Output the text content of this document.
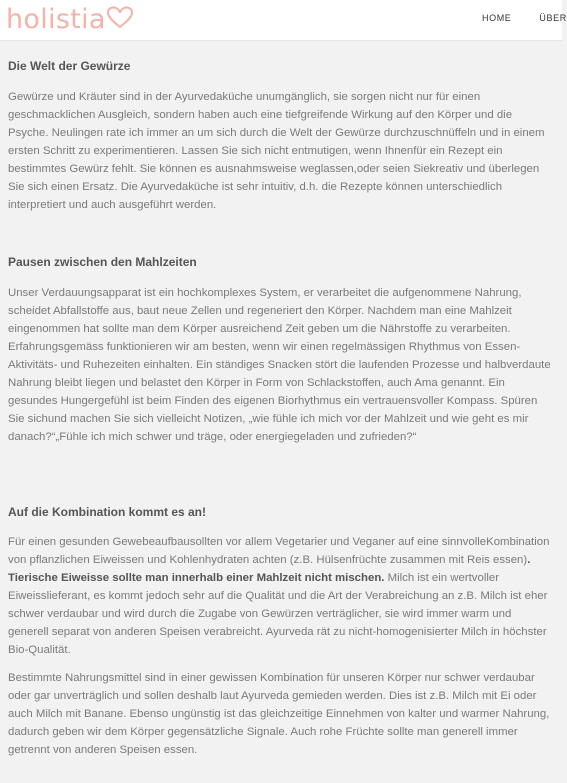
holistia	HOME	ÜBER
Die Welt der Gewürze

Gewürze und Kräuter sind in der Ayurvedaküche unumgänglich, sie sorgen nicht nur für einen geschmacklichen Ausgleich, sondern haben auch eine tiefgreifende Wirkung auf den Körper und die Psyche. Neulingen rate ich immer an um sich durch die Welt der Gewürze durchzuschnüffeln und in einem ersten Schritt zu experimentieren. Lassen Sie sich nicht entmutigen, wenn Ihnenfür ein Rezept ein bestimmtes Gewürz fehlt. Sie können es ausnahmsweise weglassen,oder seien Siekreativ und überlegen Sie sich einen Ersatz. Die Ayurvedaküche ist sehr intuitiv, d.h. die Rezepte können unterschiedlich interpretiert und auch ausgeführt werden.

Pausen zwischen den Mahlzeiten

Unser Verdauungsapparat ist ein hochkomplexes System, er verarbeitet die aufgenommene Nahrung, scheidet Abfallstoffe aus, baut neue Zellen und regeneriert den Körper. Nachdem man eine Mahlzeit eingenommen hat sollte man dem Körper ausreichend Zeit geben um die Nährstoffe zu verarbeiten. Erfahrungsgemäss funktionieren wir am besten, wenn wir einen regelmässigen Rhythmus von Essen- Aktivitäts- und Ruhezeiten einhalten. Ein ständiges Snacken stört die laufenden Prozesse und halbverdaute Nahrung bleibt liegen und belastet den Körper in Form von Schlackstoffen, auch Ama genannt. Ein gesundes Hungergefühl ist beim Finden des eigenen Biorhythmus ein vertrauensvoller Kompass. Spüren Sie sichund machen Sie sich vielleicht Notizen, „wie fühle ich mich vor der Mahlzeit und wie geht es mir danach?“„Fühle ich mich schwer und träge, oder energiegeladen und zufrieden?“

Auf die Kombination kommt es an!

Für einen gesunden Gewebeaufbausollten vor allem Vegetarier und Veganer auf eine sinnvolleKombination von pflanzlichen Eiweissen und Kohlenhydraten achten (z.B. Hülsenfrüchte zusammen mit Reis essen). Tierische Eiweisse sollte man innerhalb einer Mahlzeit nicht mischen. Milch ist ein wertvoller Eiweisslieferant, es kommt jedoch sehr auf die Qualität und die Art der Verabreichung an z.B. Milch ist eher schwer verdaubar und wird durch die Zugabe von Gewürzen verträglicher, sie wird immer warm und generell separat von anderen Speisen verabreicht. Ayurveda rät zu nicht-homogenisierter Milch in höchster Bio-Qualität.

Bestimmte Nahrungsmittel sind in einer gewissen Kombination für unseren Körper nur schwer verdaubar oder gar unverträglich und sollen deshalb laut Ayurveda gemieden werden. Dies ist z.B. Milch mit Ei oder auch Milch mit Banane. Ebenso ungünstig ist das gleichzeitige Einnehmen von kalter und warmer Nahrung, dadurch geben wir dem Körper gegensätzliche Signale. Auch rohe Früchte sollte man generell immer getrennt von anderen Speisen essen.
